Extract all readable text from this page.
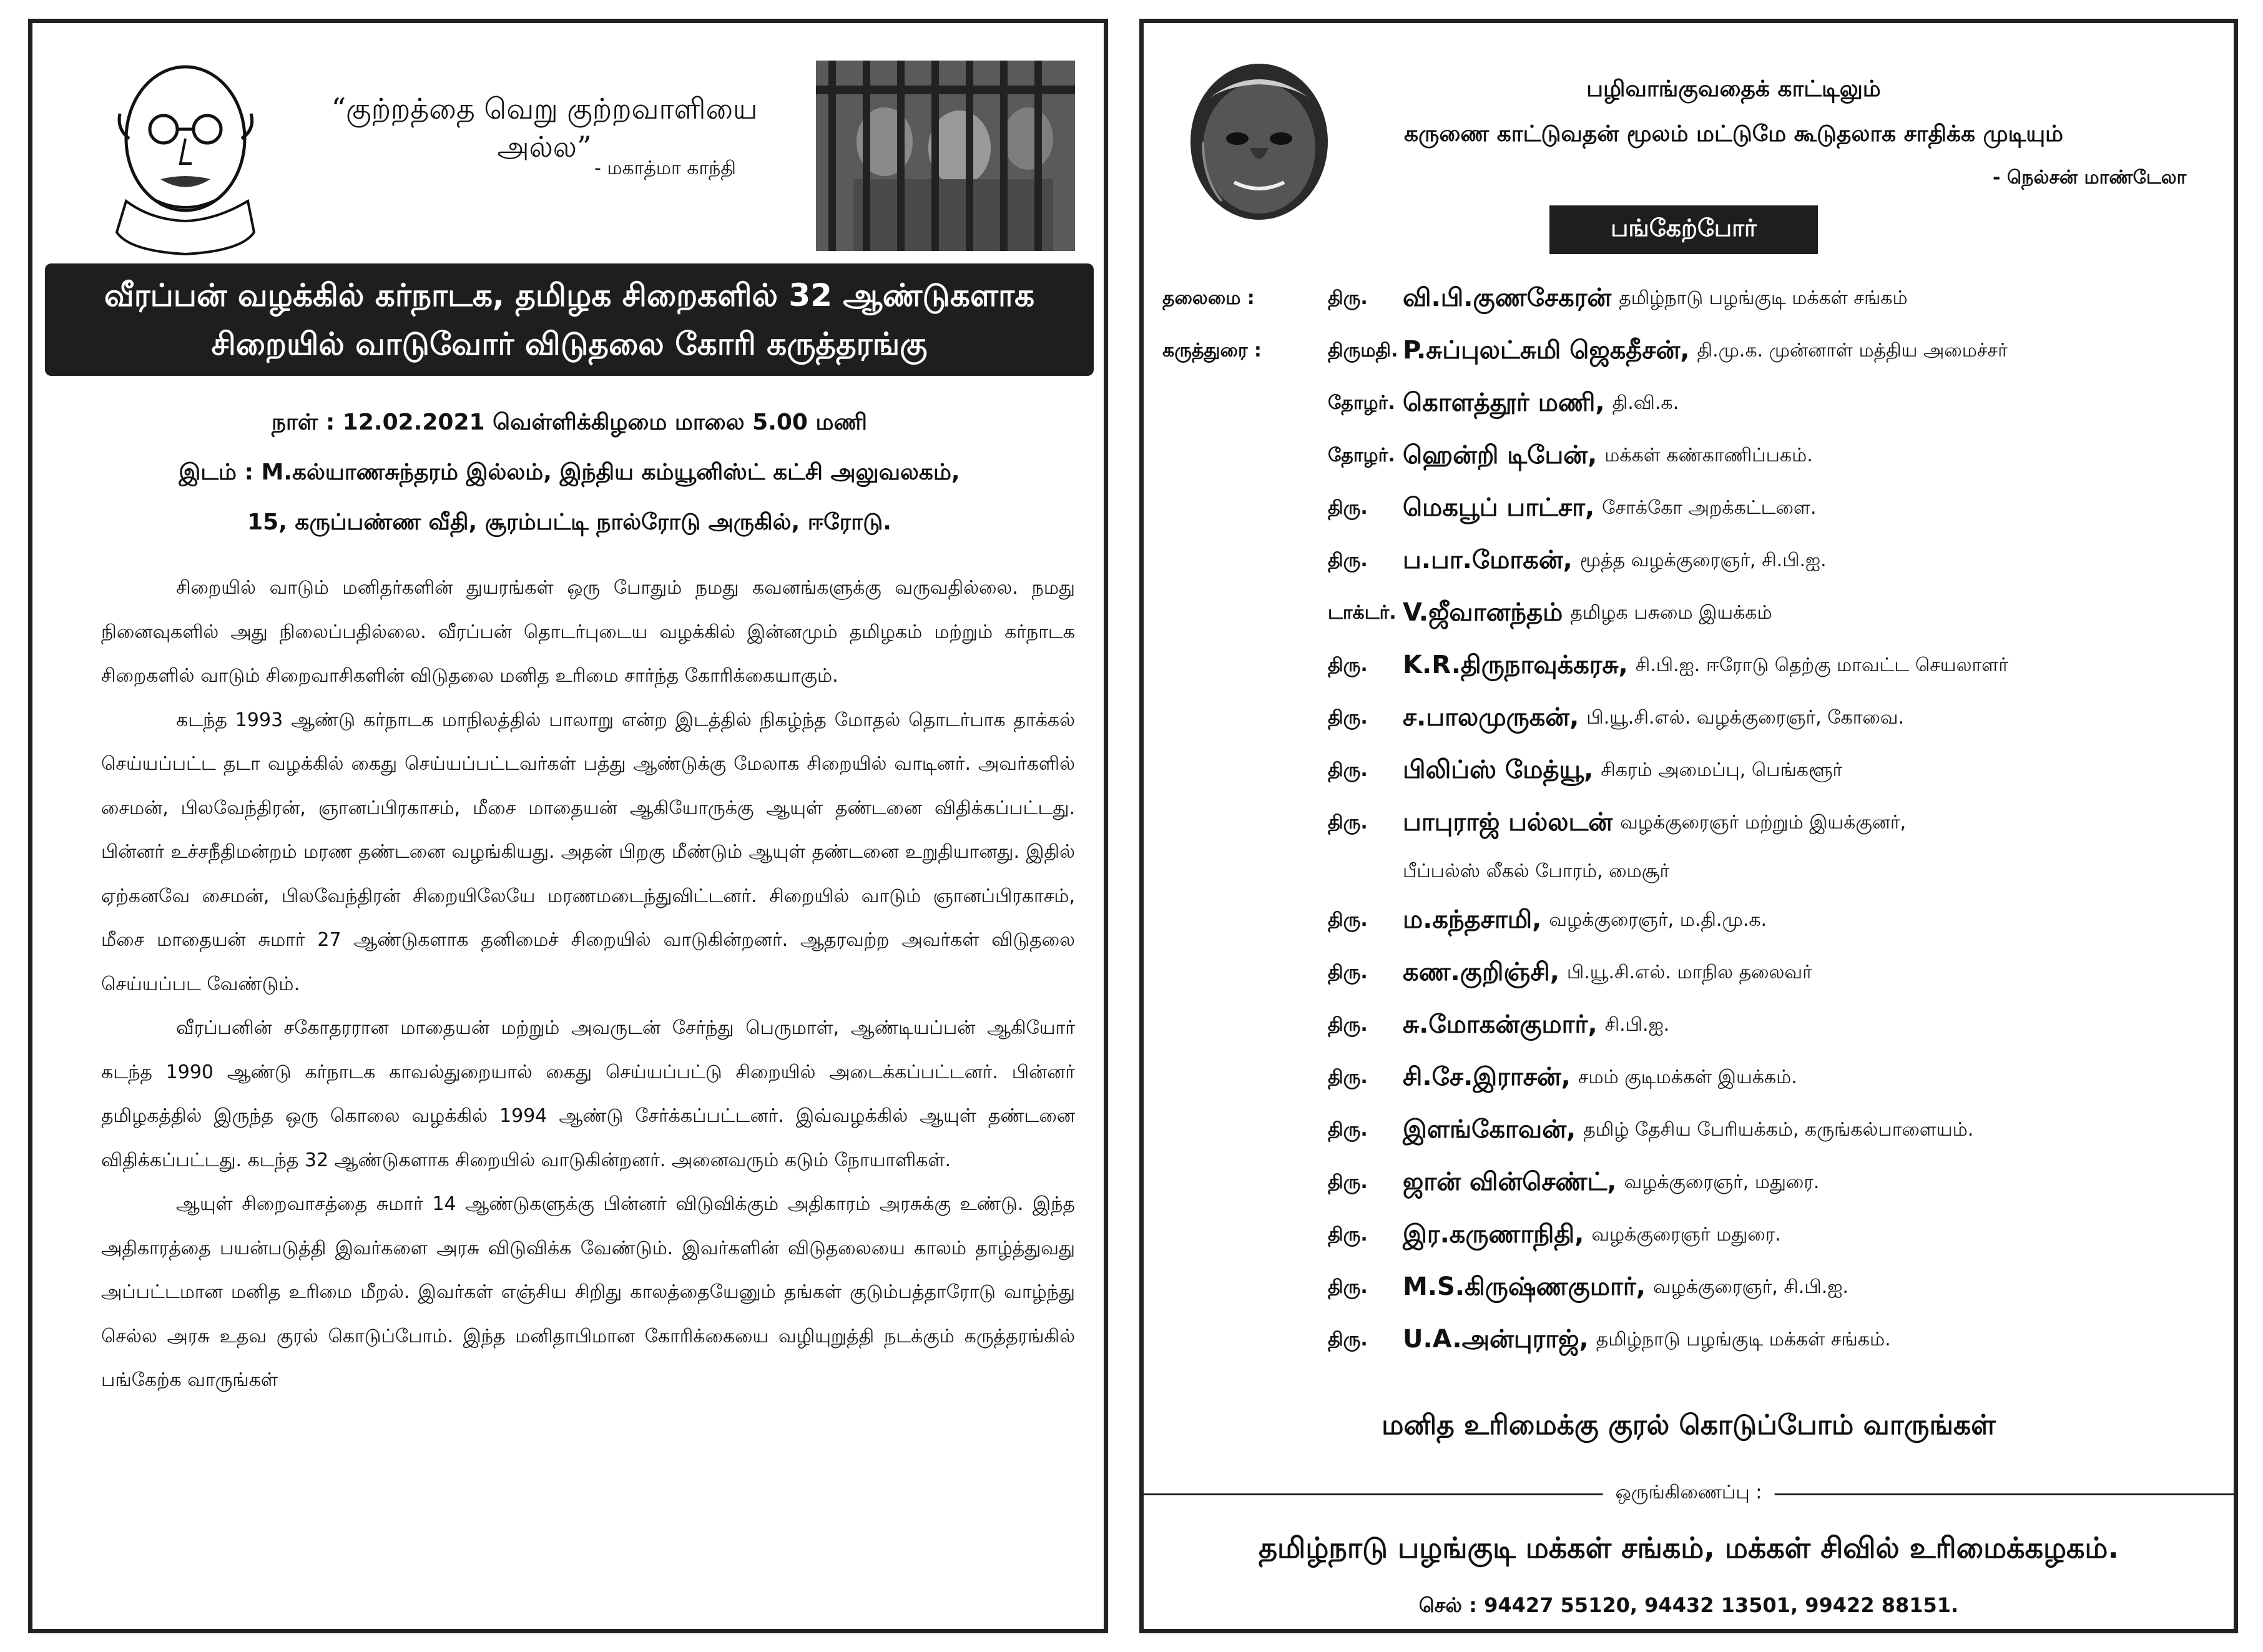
“குற்றத்தை வெறு குற்றவாளியை அல்ல”
- மகாத்மா காந்தி
வீரப்பன் வழக்கில் கர்நாடக, தமிழக சிறைகளில் 32 ஆண்டுகளாக
சிறையில் வாடுவோர் விடுதலை கோரி கருத்தரங்கு
நாள் : 12.02.2021 வெள்ளிக்கிழமை மாலை 5.00 மணி
இடம் : M.கல்யாணசுந்தரம் இல்லம், இந்திய கம்யூனிஸ்ட் கட்சி அலுவலகம்,
15, கருப்பண்ண வீதி, சூரம்பட்டி நால்ரோடு அருகில், ஈரோடு.

சிறையில் வாடும் மனிதர்களின் துயரங்கள் ஒரு போதும் நமது கவனங்களுக்கு வருவதில்லை. நமது நினைவுகளில் அது நிலைப்பதில்லை. வீரப்பன் தொடர்புடைய வழக்கில் இன்னமும் தமிழகம் மற்றும் கர்நாடக சிறைகளில் வாடும் சிறைவாசிகளின் விடுதலை மனித உரிமை சார்ந்த கோரிக்கையாகும்.

கடந்த 1993 ஆண்டு கர்நாடக மாநிலத்தில் பாலாறு என்ற இடத்தில் நிகழ்ந்த மோதல் தொடர்பாக தாக்கல் செய்யப்பட்ட தடா வழக்கில் கைது செய்யப்பட்டவர்கள் பத்து ஆண்டுக்கு மேலாக சிறையில் வாடினர். அவர்களில் சைமன், பிலவேந்திரன், ஞானப்பிரகாசம், மீசை மாதையன் ஆகியோருக்கு ஆயுள் தண்டனை விதிக்கப்பட்டது. பின்னர் உச்சநீதிமன்றம் மரண தண்டனை வழங்கியது. அதன் பிறகு மீண்டும் ஆயுள் தண்டனை உறுதியானது. இதில் ஏற்கனவே சைமன், பிலவேந்திரன் சிறையிலேயே மரணமடைந்துவிட்டனர். சிறையில் வாடும் ஞானப்பிரகாசம், மீசை மாதையன் சுமார் 27 ஆண்டுகளாக தனிமைச் சிறையில் வாடுகின்றனர். ஆதரவற்ற அவர்கள் விடுதலை செய்யப்பட வேண்டும்.

வீரப்பனின் சகோதரரான மாதையன் மற்றும் அவருடன் சேர்ந்து பெருமாள், ஆண்டியப்பன் ஆகியோர் கடந்த 1990 ஆண்டு கர்நாடக காவல்துறையால் கைது செய்யப்பட்டு சிறையில் அடைக்கப்பட்டனர். பின்னர் தமிழகத்தில் இருந்த ஒரு கொலை வழக்கில் 1994 ஆண்டு சேர்க்கப்பட்டனர். இவ்வழக்கில் ஆயுள் தண்டனை விதிக்கப்பட்டது. கடந்த 32 ஆண்டுகளாக சிறையில் வாடுகின்றனர். அனைவரும் கடும் நோயாளிகள்.

ஆயுள் சிறைவாசத்தை சுமார் 14 ஆண்டுகளுக்கு பின்னர் விடுவிக்கும் அதிகாரம் அரசுக்கு உண்டு. இந்த அதிகாரத்தை பயன்படுத்தி இவர்களை அரசு விடுவிக்க வேண்டும். இவர்களின் விடுதலையை காலம் தாழ்த்துவது அப்பட்டமான மனித உரிமை மீறல். இவர்கள் எஞ்சிய சிறிது காலத்தையேனும் தங்கள் குடும்பத்தாரோடு வாழ்ந்து செல்ல அரசு உதவ குரல் கொடுப்போம். இந்த மனிதாபிமான கோரிக்கையை வழியுறுத்தி நடக்கும் கருத்தரங்கில் பங்கேற்க வாருங்கள்

பழிவாங்குவதைக் காட்டிலும்
கருணை காட்டுவதன் மூலம் மட்டுமே கூடுதலாக சாதிக்க முடியும்
- நெல்சன் மாண்டேலா
பங்கேற்போர்
தலைமை :	திரு.	வி.பி.குணசேகரன் தமிழ்நாடு பழங்குடி மக்கள் சங்கம்
கருத்துரை :	திருமதி. P.சுப்புலட்சுமி ஜெகதீசன், தி.மு.க. முன்னாள் மத்திய அமைச்சர்
தோழர். கொளத்தூர் மணி, தி.வி.க.
தோழர். ஹென்றி டிபேன், மக்கள் கண்காணிப்பகம்.
திரு.	மெகபூப் பாட்சா, சோக்கோ அறக்கட்டளை.
திரு.	ப.பா.மோகன், மூத்த வழக்குரைஞர், சி.பி.ஐ.
டாக்டர். V.ஜீவானந்தம் தமிழக பசுமை இயக்கம்
திரு.	K.R.திருநாவுக்கரசு, சி.பி.ஐ. ஈரோடு தெற்கு மாவட்ட செயலாளர்
திரு.	ச.பாலமுருகன், பி.யூ.சி.எல். வழக்குரைஞர், கோவை.
திரு.	பிலிப்ஸ் மேத்யூ, சிகரம் அமைப்பு, பெங்களூர்
திரு.	பாபுராஜ் பல்லடன் வழக்குரைஞர் மற்றும் இயக்குனர்,
பீப்பல்ஸ் லீகல் போரம், மைசூர்
திரு.	ம.கந்தசாமி, வழக்குரைஞர், ம.தி.மு.க.
திரு.	கண.குறிஞ்சி, பி.யூ.சி.எல். மாநில தலைவர்
திரு.	சு.மோகன்குமார், சி.பி.ஐ.
திரு.	சி.சே.இராசன், சமம் குடிமக்கள் இயக்கம்.
திரு.	இளங்கோவன், தமிழ் தேசிய பேரியக்கம், கருங்கல்பாளையம்.
திரு.	ஜான் வின்செண்ட், வழக்குரைஞர், மதுரை.
திரு.	இர.கருணாநிதி, வழக்குரைஞர் மதுரை.
திரு.	M.S.கிருஷ்ணகுமார், வழக்குரைஞர், சி.பி.ஐ.
திரு.	U.A.அன்புராஜ், தமிழ்நாடு பழங்குடி மக்கள் சங்கம்.
மனித உரிமைக்கு குரல் கொடுப்போம் வாருங்கள்
ஒருங்கிணைப்பு :
தமிழ்நாடு பழங்குடி மக்கள் சங்கம், மக்கள் சிவில் உரிமைக்கழகம்.
செல் : 94427 55120, 94432 13501, 99422 88151.
